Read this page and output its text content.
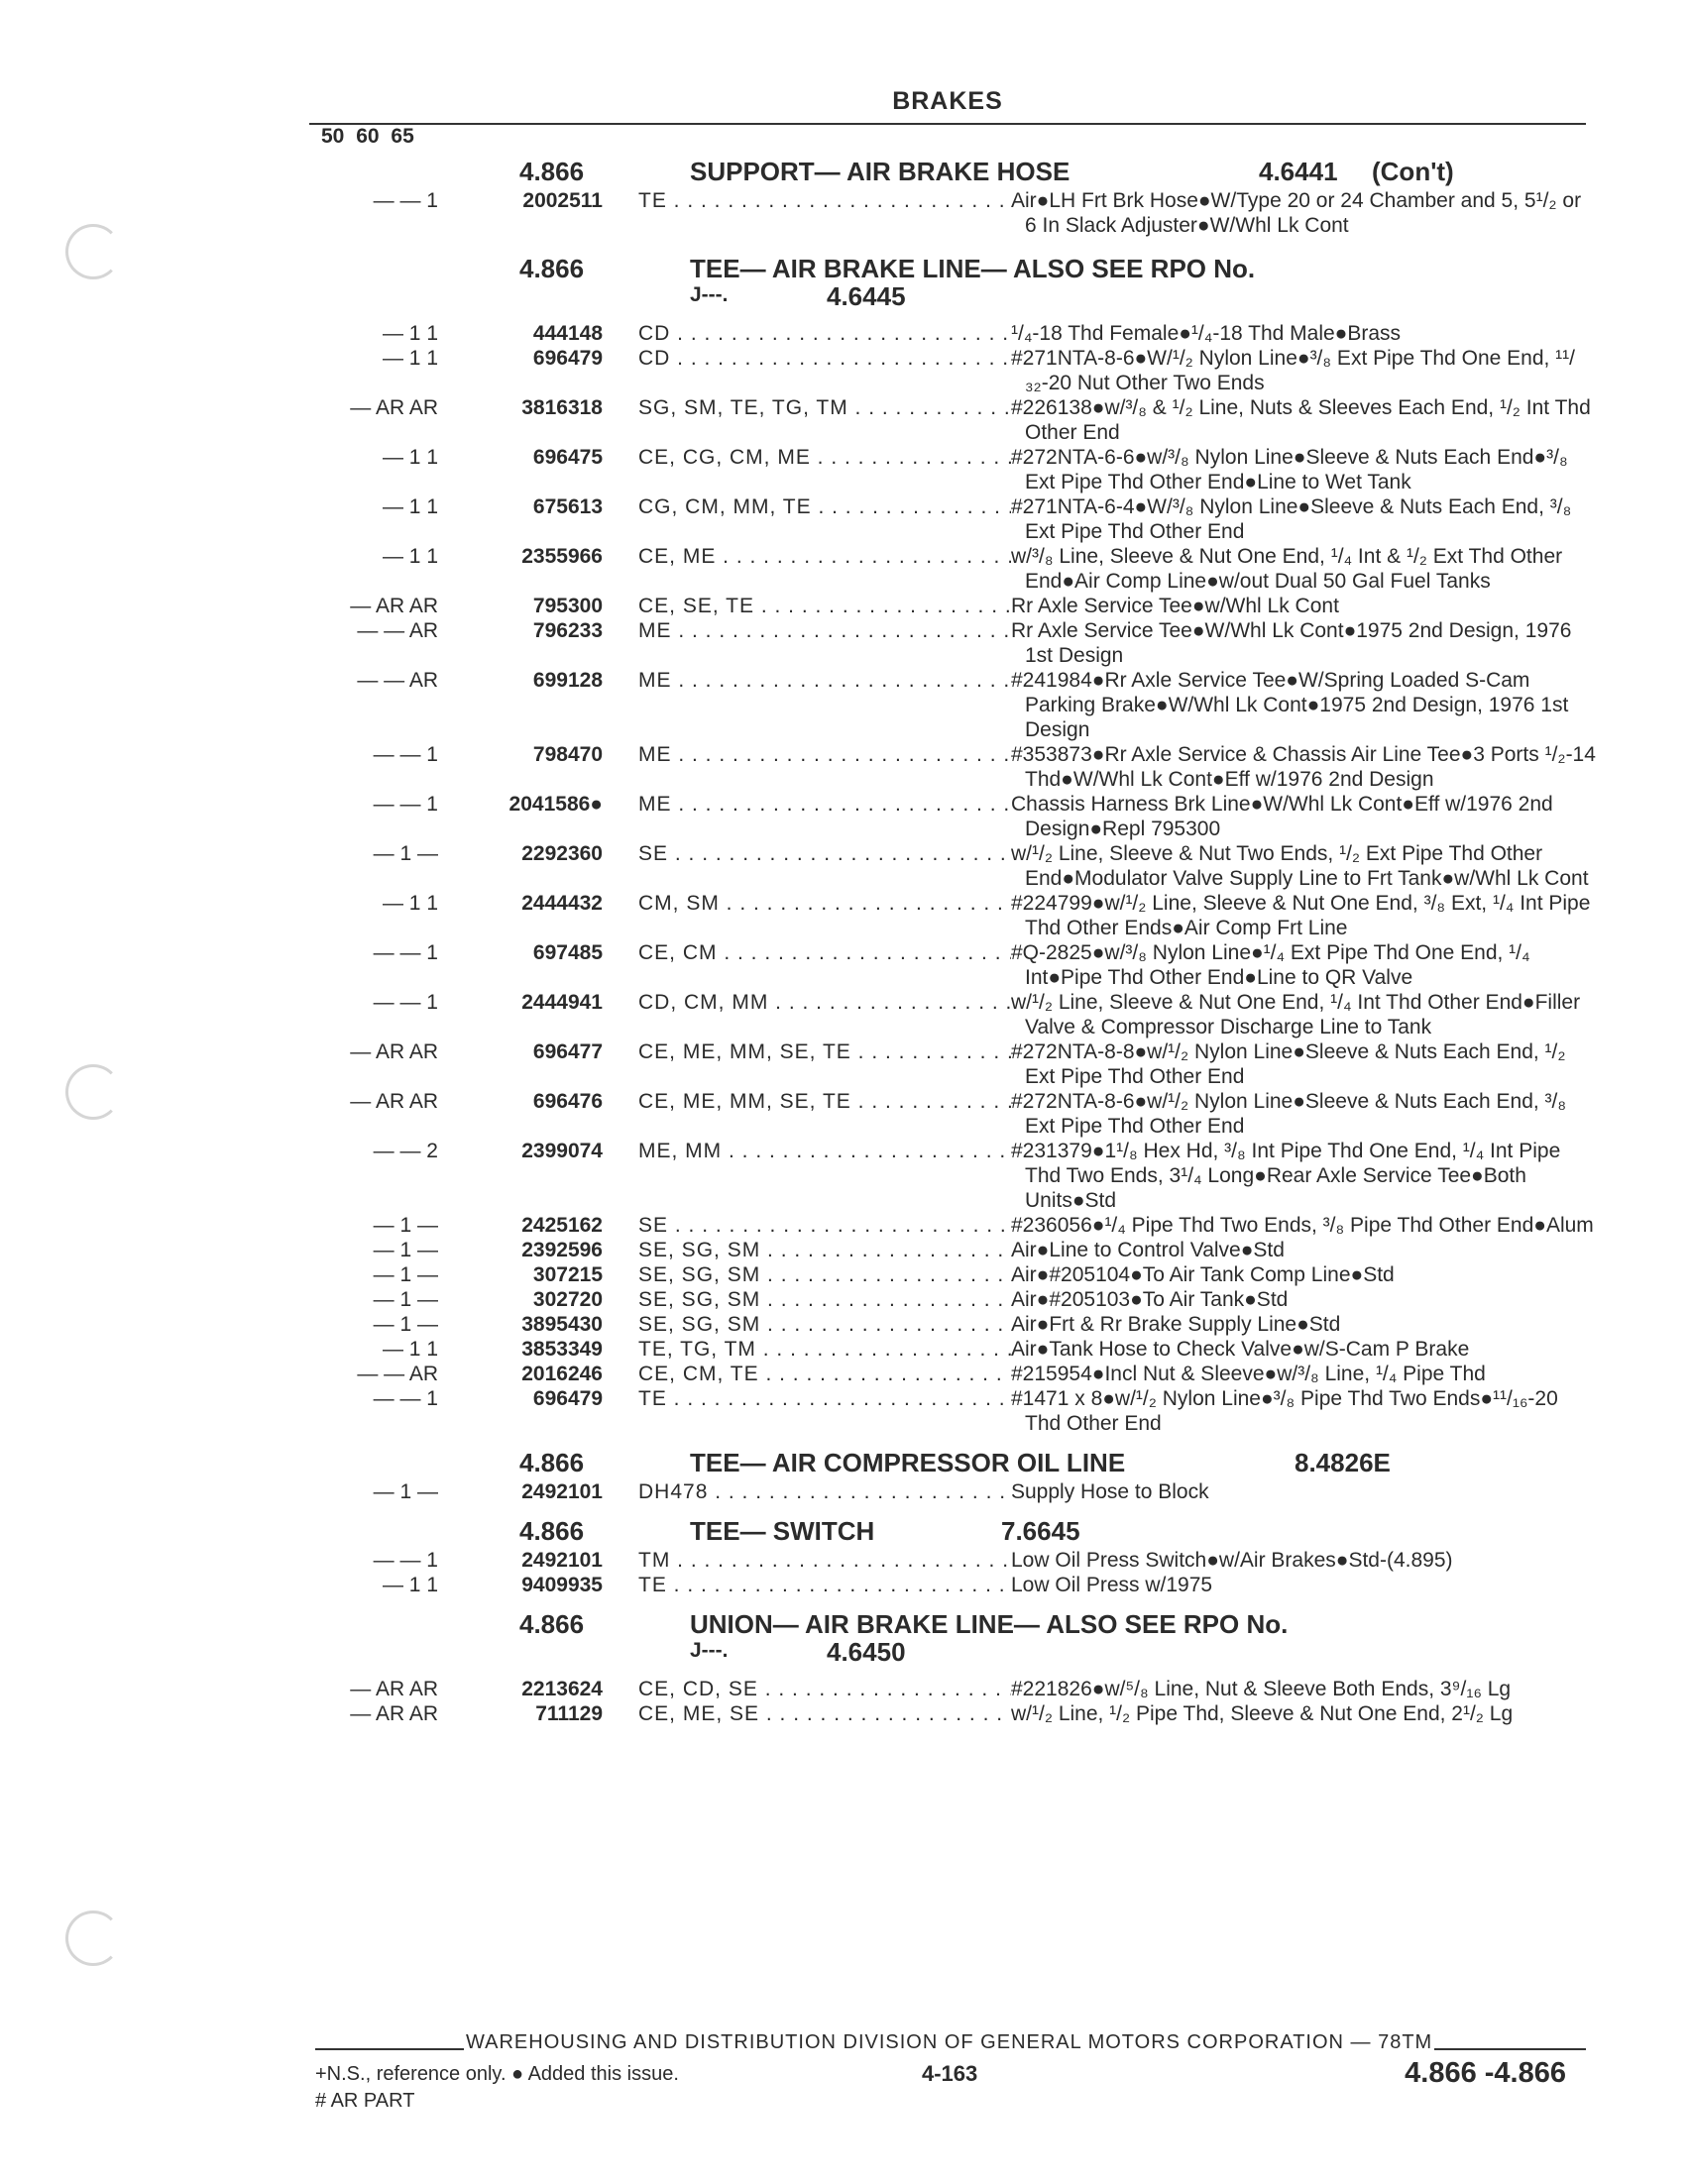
BRAKES
50 60 65
4.866	SUPPORT— AIR BRAKE HOSE	4.6441 (Con't)
— — 1	2002511 TE . . .	Air●LH Frt Brk Hose●W/Type 20 or 24 Chamber and 5, 5¹/₂ or 6 In Slack Adjuster●W/Whl Lk Cont
4.866	TEE— AIR BRAKE LINE— ALSO SEE RPO No.
J---.	4.6445
— 1 1	444148 CD . . .	¹/₄-18 Thd Female●¹/₄-18 Thd Male●Brass
— 1 1	696479 CD . . .	#271NTA-8-6●W/¹/₂ Nylon Line●³/₈ Ext Pipe Thd One End, ¹¹/₃₂-20 Nut Other Two Ends
— AR AR	3816318 SG, SM, TE, TG, TM . . .	#226138●w/³/₈ & ¹/₂ Line, Nuts & Sleeves Each End, ¹/₂ Int Thd Other End
— 1 1	696475 CE, CG, CM, ME . . .	#272NTA-6-6●w/³/₈ Nylon Line●Sleeve & Nuts Each End●³/₈ Ext Pipe Thd Other End●Line to Wet Tank
— 1 1	675613 CG, CM, MM, TE . . .	#271NTA-6-4●W/³/₈ Nylon Line●Sleeve & Nuts Each End, ³/₈ Ext Pipe Thd Other End
— 1 1	2355966 CE, ME . . .	w/³/₈ Line, Sleeve & Nut One End, ¹/₄ Int & ¹/₂ Ext Thd Other End●Air Comp Line●w/out Dual 50 Gal Fuel Tanks
— AR AR	795300 CE, SE, TE . . .	Rr Axle Service Tee●w/Whl Lk Cont
— — AR	796233 ME . . .	Rr Axle Service Tee●W/Whl Lk Cont●1975 2nd Design, 1976 1st Design
— — AR	699128 ME . . .	#241984●Rr Axle Service Tee●W/Spring Loaded S-Cam Parking Brake●W/Whl Lk Cont●1975 2nd Design, 1976 1st Design
— — 1	798470 ME . . .	#353873●Rr Axle Service & Chassis Air Line Tee●3 Ports ¹/₂-14 Thd●W/Whl Lk Cont●Eff w/1976 2nd Design
— — 1	2041586● ME . . .	Chassis Harness Brk Line●W/Whl Lk Cont●Eff w/1976 2nd Design●Repl 795300
— 1 —	2292360 SE . . .	w/¹/₂ Line, Sleeve & Nut Two Ends, ¹/₂ Ext Pipe Thd Other End●Modulator Valve Supply Line to Frt Tank●w/Whl Lk Cont
— 1 1	2444432 CM, SM . . .	#224799●w/¹/₂ Line, Sleeve & Nut One End, ³/₈ Ext, ¹/₄ Int Pipe Thd Other Ends●Air Comp Frt Line
— — 1	697485 CE, CM . . .	#Q-2825●w/³/₈ Nylon Line●¹/₄ Ext Pipe Thd One End, ¹/₄ Int●Pipe Thd Other End●Line to QR Valve
— — 1	2444941 CD, CM, MM . . .	w/¹/₂ Line, Sleeve & Nut One End, ¹/₄ Int Thd Other End●Filler Valve & Compressor Discharge Line to Tank
— AR AR	696477 CE, ME, MM, SE, TE . . .	#272NTA-8-8●w/¹/₂ Nylon Line●Sleeve & Nuts Each End, ¹/₂ Ext Pipe Thd Other End
— AR AR	696476 CE, ME, MM, SE, TE . . .	#272NTA-8-6●w/¹/₂ Nylon Line●Sleeve & Nuts Each End, ³/₈ Ext Pipe Thd Other End
— — 2	2399074 ME, MM . . .	#231379●1¹/₈ Hex Hd, ³/₈ Int Pipe Thd One End, ¹/₄ Int Pipe Thd Two Ends, 3¹/₄ Long●Rear Axle Service Tee●Both Units●Std
— 1 —	2425162 SE . . .	#236056●¹/₄ Pipe Thd Two Ends, ³/₈ Pipe Thd Other End●Alum
— 1 —	2392596 SE, SG, SM . . .	Air●Line to Control Valve●Std
— 1 —	307215 SE, SG, SM . . .	Air●#205104●To Air Tank Comp Line●Std
— 1 —	302720 SE, SG, SM . . .	Air●#205103●To Air Tank●Std
— 1 —	3895430 SE, SG, SM . . .	Air●Frt & Rr Brake Supply Line●Std
— 1 1	3853349 TE, TG, TM . . .	Air●Tank Hose to Check Valve●w/S-Cam P Brake
— — AR	2016246 CE, CM, TE . . .	#215954●Incl Nut & Sleeve●w/³/₈ Line, ¹/₄ Pipe Thd
— — 1	696479 TE . . .	#1471 x 8●w/¹/₂ Nylon Line●³/₈ Pipe Thd Two Ends●¹¹/₁₆-20 Thd Other End
4.866	TEE— AIR COMPRESSOR OIL LINE	8.4826E
— 1 —	2492101 DH478 . . .	Supply Hose to Block
4.866	TEE— SWITCH	7.6645
— — 1	2492101 TM . . .	Low Oil Press Switch●w/Air Brakes●Std-(4.895)
— 1 1	9409935 TE . . .	Low Oil Press w/1975
4.866	UNION— AIR BRAKE LINE— ALSO SEE RPO No.
J---.	4.6450
— AR AR	2213624 CE, CD, SE . . .	#221826●w/⁵/₈ Line, Nut & Sleeve Both Ends, 3⁹/₁₆ Lg
— AR AR	711129 CE, ME, SE . . .	w/¹/₂ Line, ¹/₂ Pipe Thd, Sleeve & Nut One End, 2¹/₂ Lg
WAREHOUSING AND DISTRIBUTION DIVISION OF GENERAL MOTORS CORPORATION — 78TM
+N.S., reference only. ● Added this issue.
# AR PART
4-163	4.866 -4.866
